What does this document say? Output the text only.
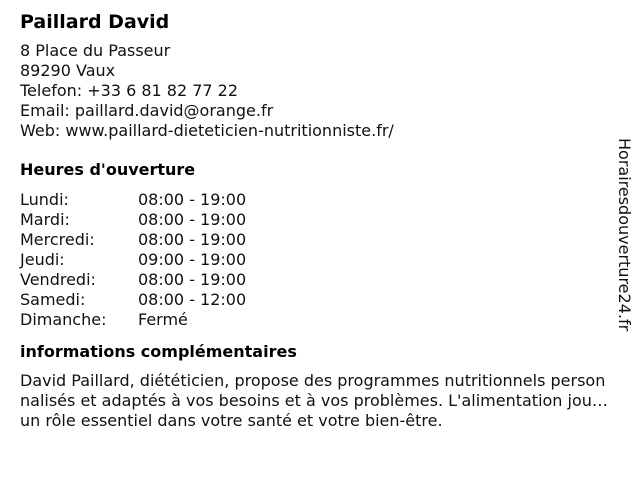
Paillard David
8 Place du Passeur
89290 Vaux
Telefon: +33 6 81 82 77 22
Email: paillard.david@orange.fr
Web: www.paillard-dieteticien-nutritionniste.fr/
Heures d'ouverture
Lundi:	08:00 - 19:00
Mardi:	08:00 - 19:00
Mercredi:	08:00 - 19:00
Jeudi:	09:00 - 19:00
Vendredi:	08:00 - 19:00
Samedi:	08:00 - 12:00
Dimanche:	Fermé
informations complémentaires
David Paillard, diététicien, propose des programmes nutritionnels personnalisés et adaptés à vos besoins et à vos problèmes. L'alimentation joue un rôle essentiel dans votre santé et votre bien-être.
Horairesdouverture24.fr
